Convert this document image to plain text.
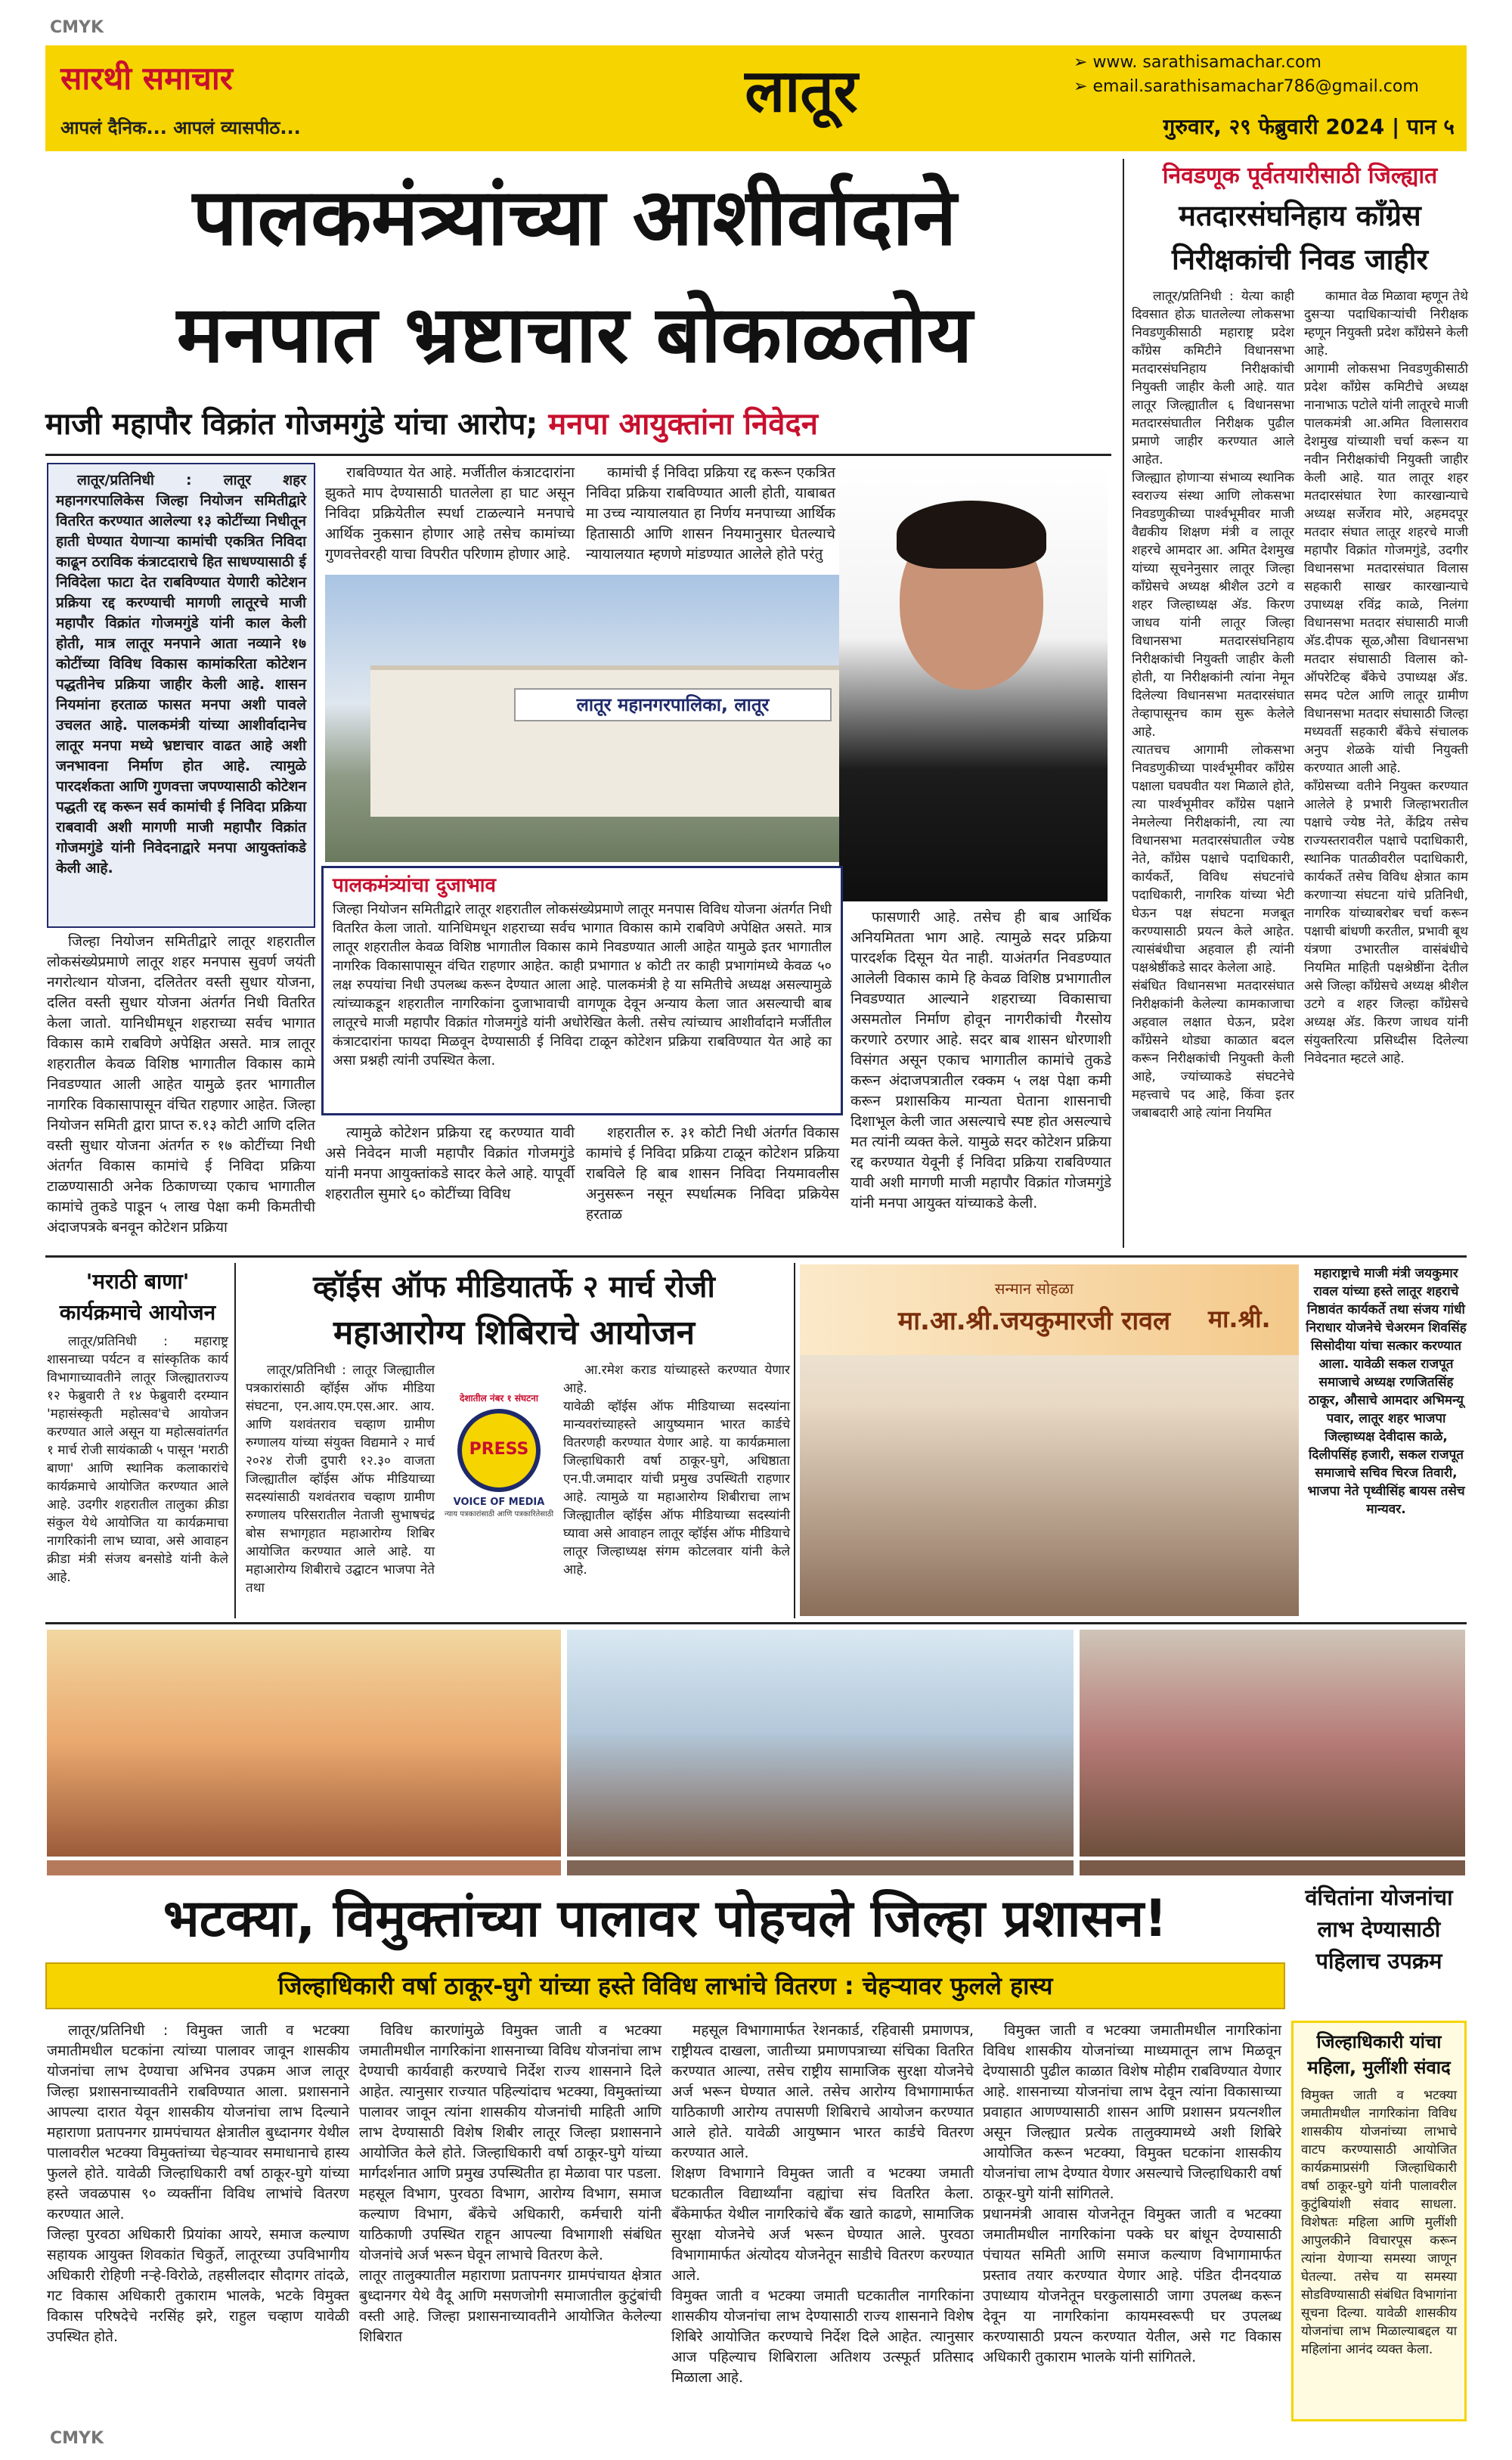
CMYK
CMYK
सारथी समाचार
आपलं दैनिक... आपलं व्यासपीठ...
लातूर	➢ www. sarathisamachar.com
➢ email.sarathisamachar786@gmail.com
गुरुवार, २९ फेब्रुवारी 2024 | पान ५
पालकमंत्र्यांच्या आशीर्वादाने
मनपात भ्रष्टाचार बोकाळतोय
माजी महापौर विक्रांत गोजमगुंडे यांचा आरोप; मनपा आयुक्तांना निवेदन

लातूर/प्रतिनिधी : लातूर शहर महानगरपालिकेस जिल्हा नियोजन समितीद्वारे वितरित करण्यात आलेल्या १३ कोटींच्या निधीतून हाती घेण्यात येणाऱ्या कामांची एकत्रित निविदा काढून ठराविक कंत्राटदाराचे हित साधण्यासाठी ई निविदेला फाटा देत राबविण्यात येणारी कोटेशन प्रक्रिया रद्द करण्याची मागणी लातूरचे माजी महापौर विक्रांत गोजमगुंडे यांनी काल केली होती, मात्र लातूर मनपाने आता नव्याने १७ कोटींच्या विविध विकास कामांकरिता कोटेशन पद्धतीनेच प्रक्रिया जाहीर केली आहे. शासन नियमांना हरताळ फासत मनपा अशी पावले उचलत आहे. पालकमंत्री यांच्या आशीर्वादानेच लातूर मनपा मध्ये भ्रष्टाचार वाढत आहे अशी जनभावना निर्माण होत आहे. त्यामुळे पारदर्शकता आणि गुणवत्ता जपण्यासाठी कोटेशन पद्धती रद्द करून सर्व कामांची ई निविदा प्रक्रिया राबवावी अशी मागणी माजी महापौर विक्रांत गोजमगुंडे यांनी निवेदनाद्वारे मनपा आयुक्तांकडे केली आहे.

जिल्हा नियोजन समितीद्वारे लातूर शहरातील लोकसंख्येप्रमाणे लातूर शहर मनपास सुवर्ण जयंती नगरोत्थान योजना, दलितेतर वस्ती सुधार योजना, दलित वस्ती सुधार योजना अंतर्गत निधी वितरित केला जातो. यानिधीमधून शहराच्या सर्वच भागात विकास कामे राबविणे अपेक्षित असते. मात्र लातूर शहरातील केवळ विशिष्ठ भागातील विकास कामे निवडण्यात आली आहेत यामुळे इतर भागातील नागरिक विकासापासून वंचित राहणार आहेत. जिल्हा नियोजन समिती द्वारा प्राप्त रु.१३ कोटी आणि दलित वस्ती सुधार योजना अंतर्गत रु १७ कोटींच्या निधी अंतर्गत विकास कामांचे ई निविदा प्रक्रिया टाळण्यासाठी अनेक ठिकाणच्या एकाच भागातील कामांचे तुकडे पाडून ५ लाख पेक्षा कमी किमतीची अंदाजपत्रके बनवून कोटेशन प्रक्रिया

राबविण्यात येत आहे. मर्जीतील कंत्राटदारांना झुकते माप देण्यासाठी घातलेला हा घाट असून निविदा प्रक्रियेतील स्पर्धा टाळल्याने मनपाचे आर्थिक नुकसान होणार आहे तसेच कामांच्या गुणवत्तेवरही याचा विपरीत परिणाम होणार आहे.

कामांची ई निविदा प्रक्रिया रद्द करून एकत्रित निविदा प्रक्रिया राबविण्यात आली होती, याबाबत मा उच्च न्यायालयात हा निर्णय मनपाच्या आर्थिक हितासाठी आणि शासन नियमानुसार घेतल्याचे न्यायालयात म्हणणे मांडण्यात आलेले होते परंतु

लातूर महानगरपालिका, लातूर
पालकमंत्र्यांचा दुजाभाव
जिल्हा नियोजन समितीद्वारे लातूर शहरातील लोकसंख्येप्रमाणे लातूर मनपास विविध योजना अंतर्गत निधी वितरित केला जातो. यानिधिमधून शहराच्या सर्वच भागात विकास कामे राबविणे अपेक्षित असते. मात्र लातूर शहरातील केवळ विशिष्ठ भागातील विकास कामे निवडण्यात आली आहेत यामुळे इतर भागातील नागरिक विकासापासून वंचित राहणार आहेत. काही प्रभागात ४ कोटी तर काही प्रभागांमध्ये केवळ ५० लक्ष रुपयांचा निधी उपलब्ध करून देण्यात आला आहे. पालकमंत्री हे या समितीचे अध्यक्ष असल्यामुळे त्यांच्याकडून शहरातील नागरिकांना दुजाभावाची वागणूक देवून अन्याय केला जात असल्याची बाब लातूरचे माजी महापौर विक्रांत गोजमगुंडे यांनी अधोरेखित केली. तसेच त्यांच्याच आशीर्वादाने मर्जीतील कंत्राटदारांना फायदा मिळवून देण्यासाठी ई निविदा टाळून कोटेशन प्रक्रिया राबविण्यात येत आहे का असा प्रश्नही त्यांनी उपस्थित केला.

फासणारी आहे. तसेच ही बाब आर्थिक अनियमितता भाग आहे. त्यामुळे सदर प्रक्रिया पारदर्शक दिसून येत नाही. याअंतर्गत निवडण्यात आलेली विकास कामे हि केवळ विशिष्ठ प्रभागातील निवडण्यात आल्याने शहराच्या विकासाचा असमतोल निर्माण होवून नागरीकांची गैरसोय करणारे ठरणार आहे. सदर बाब शासन धोरणाशी विसंगत असून एकाच भागातील कामांचे तुकडे करून अंदाजपत्रातील रक्कम ५ लक्ष पेक्षा कमी करून प्रशासकिय मान्यता घेताना शासनाची दिशाभूल केली जात असल्याचे स्पष्ट होत असल्याचे मत त्यांनी व्यक्त केले. यामुळे सदर कोटेशन प्रक्रिया रद्द करण्यात येवूनी ई निविदा प्रक्रिया राबविण्यात यावी अशी मागणी माजी महापौर विक्रांत गोजमगुंडे यांनी मनपा आयुक्त यांच्याकडे केली.

त्यामुळे कोटेशन प्रक्रिया रद्द करण्यात यावी असे निवेदन माजी महापौर विक्रांत गोजमगुंडे यांनी मनपा आयुक्तांकडे सादर केले आहे. यापूर्वी शहरातील सुमारे ६० कोटींच्या विविध

शहरातील रु. ३१ कोटी निधी अंतर्गत विकास कामांचे ई निविदा प्रक्रिया टाळून कोटेशन प्रक्रिया राबविले हि बाब शासन निविदा नियमावलीस अनुसरून नसून स्पर्धात्मक निविदा प्रक्रियेस हरताळ

निवडणूक पूर्वतयारीसाठी जिल्ह्यात
मतदारसंघनिहाय काँग्रेस
निरीक्षकांची निवड जाहीर

लातूर/प्रतिनिधी : येत्या काही दिवसात होऊ घातलेल्या लोकसभा निवडणुकीसाठी महाराष्ट्र प्रदेश काँग्रेस कमिटीने विधानसभा मतदारसंघनिहाय निरीक्षकांची नियुक्ती जाहीर केली आहे. यात लातूर जिल्ह्यातील ६ विधानसभा मतदारसंघातील निरीक्षक पुढील प्रमाणे जाहीर करण्यात आले आहेत.
जिल्ह्यात होणाऱ्या संभाव्य स्थानिक स्वराज्य संस्था आणि लोकसभा निवडणुकीच्या पार्श्वभूमीवर माजी वैद्यकीय शिक्षण मंत्री व लातूर शहरचे आमदार आ. अमित देशमुख यांच्या सूचनेनुसार लातूर जिल्हा काँग्रेसचे अध्यक्ष श्रीशैल उटगे व शहर जिल्हाध्यक्ष अ‍ॅड. किरण जाधव यांनी लातूर जिल्हा विधानसभा मतदारसंघनिहाय निरीक्षकांची नियुक्ती जाहीर केली होती, या निरीक्षकांनी त्यांना नेमून दिलेल्या विधानसभा मतदारसंघात तेव्हापासूनच काम सुरू केलेले आहे.
त्यातचच आगामी लोकसभा निवडणुकीच्या पार्श्वभूमीवर काँग्रेस पक्षाला घवघवीत यश मिळाले होते, त्या पार्श्वभूमीवर काँग्रेस पक्षाने नेमलेल्या निरीक्षकांनी, त्या त्या विधानसभा मतदारसंघातील ज्येष्ठ नेते, काँग्रेस पक्षाचे पदाधिकारी, कार्यकर्ते, विविध संघटनांचे पदाधिकारी, नागरिक यांच्या भेटी घेऊन पक्ष संघटना मजबूत करण्यासाठी प्रयत्न केले आहेत. त्यासंबंधीचा अहवाल ही त्यांनी पक्षश्रेष्ठींकडे सादर केलेला आहे.
संबंधित विधानसभा मतदारसंघात निरीक्षकांनी केलेल्या कामकाजाचा अहवाल लक्षात घेऊन, प्रदेश काँग्रेसने थोड्या काळात बदल करून निरीक्षकांची नियुक्ती केली आहे, ज्यांच्याकडे संघटनेचे महत्त्वाचे पद आहे, किंवा इतर जबाबदारी आहे त्यांना नियमित

कामात वेळ मिळावा म्हणून तेथे दुसऱ्या पदाधिकाऱ्यांची निरीक्षक म्हणून नियुक्ती प्रदेश काँग्रेसने केली आहे.
आगामी लोकसभा निवडणुकीसाठी प्रदेश काँग्रेस कमिटीचे अध्यक्ष नानाभाऊ पटोले यांनी लातूरचे माजी पालकमंत्री आ.अमित विलासराव देशमुख यांच्याशी चर्चा करून या नवीन निरीक्षकांची नियुक्ती जाहीर केली आहे. यात लातूर शहर मतदारसंघात रेणा कारखान्याचे अध्यक्ष सर्जेराव मोरे, अहमदपूर मतदार संघात लातूर शहरचे माजी महापौर विक्रांत गोजमगुंडे, उदगीर विधानसभा मतदारसंघात विलास सहकारी साखर कारखान्याचे उपाध्यक्ष रविंद्र काळे, निलंगा विधानसभा मतदार संघासाठी माजी अ‍ॅड.दीपक सूळ,औसा विधानसभा मतदार संघासाठी विलास को-ऑपरेटिव्ह बँकेचे उपाध्यक्ष अ‍ॅड. समद पटेल आणि लातूर ग्रामीण विधानसभा मतदार संघासाठी जिल्हा मध्यवर्ती सहकारी बँकेचे संचालक अनुप शेळके यांची नियुक्ती करण्यात आली आहे.
काँग्रेसच्या वतीने नियुक्त करण्यात आलेले हे प्रभारी जिल्हाभरातील पक्षाचे ज्येष्ठ नेते, केंद्रिय तसेच राज्यस्तरावरील पक्षाचे पदाधिकारी, स्थानिक पातळीवरील पदाधिकारी, कार्यकर्ते तसेच विविध क्षेत्रात काम करणाऱ्या संघटना यांचे प्रतिनिधी, नागरिक यांच्याबरोबर चर्चा करून पक्षाची बांधणी करतील, प्रभावी बूथ यंत्रणा उभारतील वासंबंधीचे नियमित माहिती पक्षश्रेष्ठींना देतील असे जिल्हा काँग्रेसचे अध्यक्ष श्रीशैल उटगे व शहर जिल्हा काँग्रेसचे अध्यक्ष अ‍ॅड. किरण जाधव यांनी संयुक्तरित्या प्रसिध्दीस दिलेल्या निवेदनात म्हटले आहे.

'मराठी बाणा'
कार्यक्रमाचे आयोजन

लातूर/प्रतिनिधी : महाराष्ट्र शासनाच्या पर्यटन व सांस्कृतिक कार्य विभागाच्यावतीने लातूर जिल्ह्यातराज्य १२ फेब्रुवारी ते १४ फेब्रुवारी दरम्यान 'महासंस्कृती महोत्सव'चे आयोजन करण्यात आले असून या महोत्सवांतर्गत १ मार्च रोजी सायंकाळी ५ पासून 'मराठी बाणा' आणि स्थानिक कलाकारांचे कार्यक्रमाचे आयोजित करण्यात आले आहे. उदगीर शहरातील तालुका क्रीडा संकुल येथे आयोजित या कार्यक्रमाचा नागरिकांनी लाभ घ्यावा, असे आवाहन क्रीडा मंत्री संजय बनसोडे यांनी केले आहे.

व्हॉईस ऑफ मीडियातर्फे २ मार्च रोजी
महाआरोग्य शिबिराचे आयोजन

लातूर/प्रतिनिधी : लातूर जिल्ह्यातील पत्रकारांसाठी व्हॉईस ऑफ मीडिया संघटना, एन.आय.एम.एस.आर. आय. आणि यशवंतराव चव्हाण ग्रामीण रुग्णालय यांच्या संयुक्त विद्यमाने २ मार्च २०२४ रोजी दुपारी १२.३० वाजता जिल्ह्यातील व्हॉईस ऑफ मीडियाच्या सदस्यांसाठी यशवंतराव चव्हाण ग्रामीण रुग्णालय परिसरातील नेताजी सुभाषचंद्र बोस सभागृहात महाआरोग्य शिबिर आयोजित करण्यात आले आहे. या महाआरोग्य शिबीराचे उद्घाटन भाजपा नेते तथा

देशातील नंबर १ संघटना
PRESS
VOICE OF MEDIA
न्याय पत्रकारांसाठी आणि पत्रकारितेसाठी

आ.रमेश कराड यांच्याहस्ते करण्यात येणार आहे.
यावेळी व्हॉईस ऑफ मीडियाच्या सदस्यांना मान्यवरांच्याहस्ते आयुष्यमान भारत कार्डचे वितरणही करण्यात येणार आहे. या कार्यक्रमाला जिल्हाधिकारी वर्षा ठाकूर-घुगे, अधिष्ठाता एन.पी.जमादार यांची प्रमुख उपस्थिती राहणार आहे. त्यामुळे या महाआरोग्य शिबीराचा लाभ जिल्ह्यातील व्हॉईस ऑफ मीडियाच्या सदस्यांनी घ्यावा असे आवाहन लातूर व्हॉईस ऑफ मीडियाचे लातूर जिल्हाध्यक्ष संगम कोटलवार यांनी केले आहे.

सन्मान सोहळा
मा.आ.श्री.जयकुमारजी रावल	मा.श्री.

महाराष्ट्राचे माजी मंत्री जयकुमार रावल यांच्या हस्ते लातूर शहराचे निष्ठावंत कार्यकर्ते तथा संजय गांधी निराधार योजनेचे चेअरमन शिवसिंह सिसोदीया यांचा सत्कार करण्यात आला. यावेळी सकल राजपूत समाजाचे अध्यक्ष रणजितसिंह ठाकूर, औसाचे आमदार अभिमन्यू पवार, लातूर शहर भाजपा जिल्हाध्यक्ष देवीदास काळे, दिलीपसिंह हजारी, सकल राजपूत समाजाचे सचिव चिरज तिवारी, भाजपा नेते पृथ्वीसिंह बायस तसेच मान्यवर.

भटक्या, विमुक्तांच्या पालावर पोहचले जिल्हा प्रशासन!	वंचितांना योजनांचा लाभ देण्यासाठी पहिलाच उपक्रम
जिल्हाधिकारी वर्षा ठाकूर-घुगे यांच्या हस्ते विविध लाभांचे वितरण : चेहऱ्यावर फुलले हास्य

लातूर/प्रतिनिधी : विमुक्त जाती व भटक्या जमातीमधील घटकांना त्यांच्या पालावर जावून शासकीय योजनांचा लाभ देण्याचा अभिनव उपक्रम आज लातूर जिल्हा प्रशासनाच्यावतीने राबविण्यात आला. प्रशासनाने आपल्या दारात येवून शासकीय योजनांचा लाभ दिल्याने महाराणा प्रतापनगर ग्रामपंचायत क्षेत्रातील बुध्दानगर येथील पालावरील भटक्या विमुक्तांच्या चेहऱ्यावर समाधानाचे हास्य फुलले होते. यावेळी जिल्हाधिकारी वर्षा ठाकूर-घुगे यांच्या हस्ते जवळपास ९० व्यक्तींना विविध लाभांचे वितरण करण्यात आले.
जिल्हा पुरवठा अधिकारी प्रियांका आयरे, समाज कल्याण सहायक आयुक्त शिवकांत चिकुर्ते, लातूरच्या उपविभागीय अधिकारी रोहिणी नऱ्हे-विरोळे, तहसीलदार सौदागर तांदळे, गट विकास अधिकारी तुकाराम भालके, भटके विमुक्त विकास परिषदेचे नरसिंह झरे, राहुल चव्हाण यावेळी उपस्थित होते.

विविध कारणांमुळे विमुक्त जाती व भटक्या जमातीमधील नागरिकांना शासनाच्या विविध योजनांचा लाभ देण्याची कार्यवाही करण्याचे निर्देश राज्य शासनाने दिले आहेत. त्यानुसार राज्यात पहिल्यांदाच भटक्या, विमुक्तांच्या पालावर जावून त्यांना शासकीय योजनांची माहिती आणि लाभ देण्यासाठी विशेष शिबीर लातूर जिल्हा प्रशासनाने आयोजित केले होते. जिल्हाधिकारी वर्षा ठाकूर-घुगे यांच्या मार्गदर्शनात आणि प्रमुख उपस्थितीत हा मेळावा पार पडला. महसूल विभाग, पुरवठा विभाग, आरोग्य विभाग, समाज कल्याण विभाग, बँकेचे अधिकारी, कर्मचारी यांनी याठिकाणी उपस्थित राहून आपल्या विभागाशी संबंधित योजनांचे अर्ज भरून घेवून लाभाचे वितरण केले.
लातूर तालुक्यातील महाराणा प्रतापनगर ग्रामपंचायत क्षेत्रात बुध्दानगर येथे वैदू आणि मसणजोगी समाजातील कुटुंबांची वस्ती आहे. जिल्हा प्रशासनाच्यावतीने आयोजित केलेल्या शिबिरात

महसूल विभागामार्फत रेशनकार्ड, रहिवासी प्रमाणपत्र, राष्ट्रीयत्व दाखला, जातीच्या प्रमाणपत्राच्या संचिका वितरित करण्यात आल्या, तसेच राष्ट्रीय सामाजिक सुरक्षा योजनेचे अर्ज भरून घेण्यात आले. तसेच आरोग्य विभागामार्फत याठिकाणी आरोग्य तपासणी शिबिराचे आयोजन करण्यात आले होते. यावेळी आयुष्मान भारत कार्डचे वितरण करण्यात आले.
शिक्षण विभागाने विमुक्त जाती व भटक्या जमाती घटकातील विद्यार्थ्यांना वह्यांचा संच वितरित केला. बँकेमार्फत येथील नागरिकांचे बँक खाते काढणे, सामाजिक सुरक्षा योजनेचे अर्ज भरून घेण्यात आले. पुरवठा विभागामार्फत अंत्योदय योजनेतून साडीचे वितरण करण्यात आले.
विमुक्त जाती व भटक्या जमाती घटकातील नागरिकांना शासकीय योजनांचा लाभ देण्यासाठी राज्य शासनाने विशेष शिबिरे आयोजित करण्याचे निर्देश दिले आहेत. त्यानुसार आज पहिल्याच शिबिराला अतिशय उत्स्फूर्त प्रतिसाद मिळाला आहे.

विमुक्त जाती व भटक्या जमातीमधील नागरिकांना विविध शासकीय योजनांच्या माध्यमातून लाभ मिळवून देण्यासाठी पुढील काळात विशेष मोहीम राबविण्यात येणार आहे. शासनाच्या योजनांचा लाभ देवून त्यांना विकासाच्या प्रवाहात आणण्यासाठी शासन आणि प्रशासन प्रयत्नशील असून जिल्ह्यात प्रत्येक तालुक्यामध्ये अशी शिबिरे आयोजित करून भटक्या, विमुक्त घटकांना शासकीय योजनांचा लाभ देण्यात येणार असल्याचे जिल्हाधिकारी वर्षा ठाकूर-घुगे यांनी सांगितले.
प्रधानमंत्री आवास योजनेतून विमुक्त जाती व भटक्या जमातीमधील नागरिकांना पक्के घर बांधून देण्यासाठी पंचायत समिती आणि समाज कल्याण विभागामार्फत प्रस्ताव तयार करण्यात येणार आहे. पंडित दीनदयाळ उपाध्याय योजनेतून घरकुलासाठी जागा उपलब्ध करून देवून या नागरिकांना कायमस्वरूपी घर उपलब्ध करण्यासाठी प्रयत्न करण्यात येतील, असे गट विकास अधिकारी तुकाराम भालके यांनी सांगितले.

जिल्हाधिकारी यांचा महिला, मुलींशी संवाद
विमुक्त जाती व भटक्या जमातीमधील नागरिकांना विविध शासकीय योजनांच्या लाभाचे वाटप करण्यासाठी आयोजित कार्यक्रमाप्रसंगी जिल्हाधिकारी वर्षा ठाकूर-घुगे यांनी पालावरील कुटुंबियांशी संवाद साधला. विशेषतः महिला आणि मुलींशी आपुलकीने विचारपूस करून त्यांना येणाऱ्या समस्या जाणून घेतल्या. तसेच या समस्या सोडविण्यासाठी संबंधित विभागांना सूचना दिल्या. यावेळी शासकीय योजनांचा लाभ मिळाल्याबद्दल या महिलांना आनंद व्यक्त केला.
